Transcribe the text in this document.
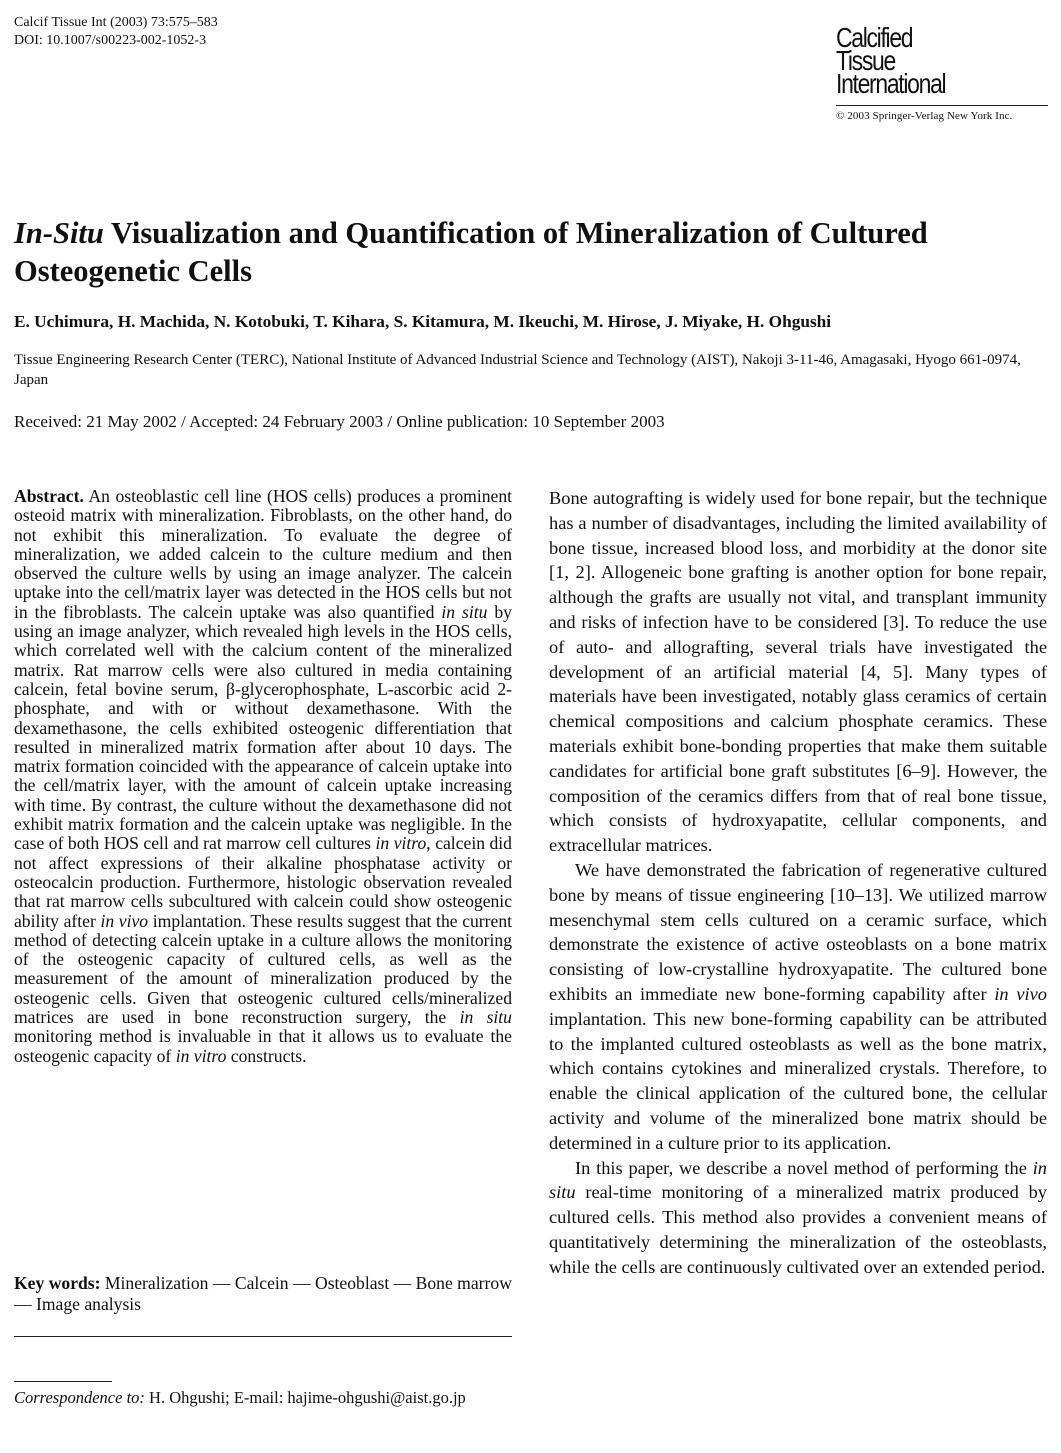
Calcif Tissue Int (2003) 73:575–583
DOI: 10.1007/s00223-002-1052-3	Calcified
Tissue
International
© 2003 Springer-Verlag New York Inc.
In-Situ Visualization and Quantification of Mineralization of Cultured Osteogenetic Cells
E. Uchimura, H. Machida, N. Kotobuki, T. Kihara, S. Kitamura, M. Ikeuchi, M. Hirose, J. Miyake, H. Ohgushi
Tissue Engineering Research Center (TERC), National Institute of Advanced Industrial Science and Technology (AIST), Nakoji 3-11-46, Amagasaki, Hyogo 661-0974, Japan
Received: 21 May 2002 / Accepted: 24 February 2003 / Online publication: 10 September 2003
Abstract. An osteoblastic cell line (HOS cells) produces a prominent osteoid matrix with mineralization. Fibroblasts, on the other hand, do not exhibit this mineralization. To evaluate the degree of mineralization, we added calcein to the culture medium and then observed the culture wells by using an image analyzer. The calcein uptake into the cell/matrix layer was detected in the HOS cells but not in the fibroblasts. The calcein uptake was also quantified in situ by using an image analyzer, which revealed high levels in the HOS cells, which correlated well with the calcium content of the mineralized matrix. Rat marrow cells were also cultured in media containing calcein, fetal bovine serum, β-glycerophosphate, L-ascorbic acid 2-phosphate, and with or without dexamethasone. With the dexamethasone, the cells exhibited osteogenic differentiation that resulted in mineralized matrix formation after about 10 days. The matrix formation coincided with the appearance of calcein uptake into the cell/matrix layer, with the amount of calcein uptake increasing with time. By contrast, the culture without the dexamethasone did not exhibit matrix formation and the calcein uptake was negligible. In the case of both HOS cell and rat marrow cell cultures in vitro, calcein did not affect expressions of their alkaline phosphatase activity or osteocalcin production. Furthermore, histologic observation revealed that rat marrow cells subcultured with calcein could show osteogenic ability after in vivo implantation. These results suggest that the current method of detecting calcein uptake in a culture allows the monitoring of the osteogenic capacity of cultured cells, as well as the measurement of the amount of mineralization produced by the osteogenic cells. Given that osteogenic cultured cells/mineralized matrices are used in bone reconstruction surgery, the in situ monitoring method is invaluable in that it allows us to evaluate the osteogenic capacity of in vitro constructs.
Key words: Mineralization — Calcein — Osteoblast — Bone marrow — Image analysis
Correspondence to: H. Ohgushi; E-mail: hajime-ohgushi@aist.go.jp

Bone autografting is widely used for bone repair, but the technique has a number of disadvantages, including the limited availability of bone tissue, increased blood loss, and morbidity at the donor site [1, 2]. Allogeneic bone grafting is another option for bone repair, although the grafts are usually not vital, and transplant immunity and risks of infection have to be considered [3]. To reduce the use of auto- and allografting, several trials have investigated the development of an artificial material [4, 5]. Many types of materials have been investigated, notably glass ceramics of certain chemical compositions and calcium phosphate ceramics. These materials exhibit bone-bonding properties that make them suitable candidates for artificial bone graft substitutes [6–9]. However, the composition of the ceramics differs from that of real bone tissue, which consists of hydroxyapatite, cellular components, and extracellular matrices.

We have demonstrated the fabrication of regenerative cultured bone by means of tissue engineering [10–13]. We utilized marrow mesenchymal stem cells cultured on a ceramic surface, which demonstrate the existence of active osteoblasts on a bone matrix consisting of low-crystalline hydroxyapatite. The cultured bone exhibits an immediate new bone-forming capability after in vivo implantation. This new bone-forming capability can be attributed to the implanted cultured osteoblasts as well as the bone matrix, which contains cytokines and mineralized crystals. Therefore, to enable the clinical application of the cultured bone, the cellular activity and volume of the mineralized bone matrix should be determined in a culture prior to its application.

In this paper, we describe a novel method of performing the in situ real-time monitoring of a mineralized matrix produced by cultured cells. This method also provides a convenient means of quantitatively determining the mineralization of the osteoblasts, while the cells are continuously cultivated over an extended period.
